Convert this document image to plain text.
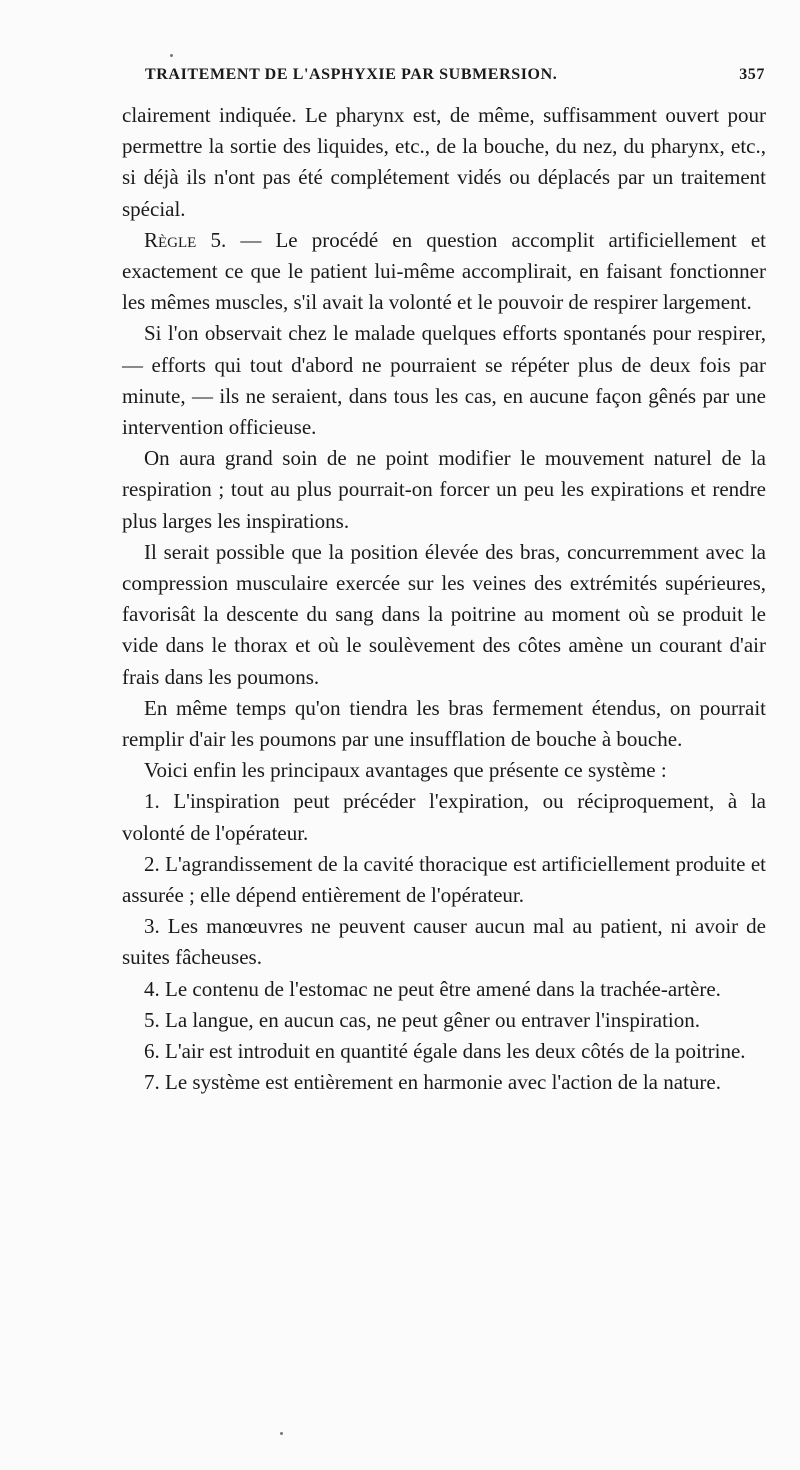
TRAITEMENT DE L'ASPHYXIE PAR SUBMERSION.	357

clairement indiquée. Le pharynx est, de même, suffisamment ouvert pour permettre la sortie des liquides, etc., de la bouche, du nez, du pharynx, etc., si déjà ils n'ont pas été complétement vidés ou déplacés par un traitement spécial.

Règle 5. — Le procédé en question accomplit artificiellement et exactement ce que le patient lui-même accomplirait, en faisant fonctionner les mêmes muscles, s'il avait la volonté et le pouvoir de respirer largement.

Si l'on observait chez le malade quelques efforts spontanés pour respirer, — efforts qui tout d'abord ne pourraient se répéter plus de deux fois par minute, — ils ne seraient, dans tous les cas, en aucune façon gênés par une intervention officieuse.

On aura grand soin de ne point modifier le mouvement naturel de la respiration ; tout au plus pourrait-on forcer un peu les expirations et rendre plus larges les inspirations.

Il serait possible que la position élevée des bras, concurremment avec la compression musculaire exercée sur les veines des extrémités supérieures, favorisât la descente du sang dans la poitrine au moment où se produit le vide dans le thorax et où le soulèvement des côtes amène un courant d'air frais dans les poumons.

En même temps qu'on tiendra les bras fermement étendus, on pourrait remplir d'air les poumons par une insufflation de bouche à bouche.

Voici enfin les principaux avantages que présente ce système :

1. L'inspiration peut précéder l'expiration, ou réciproquement, à la volonté de l'opérateur.

2. L'agrandissement de la cavité thoracique est artificiellement produite et assurée ; elle dépend entièrement de l'opérateur.

3. Les manœuvres ne peuvent causer aucun mal au patient, ni avoir de suites fâcheuses.

4. Le contenu de l'estomac ne peut être amené dans la trachée-artère.

5. La langue, en aucun cas, ne peut gêner ou entraver l'inspiration.

6. L'air est introduit en quantité égale dans les deux côtés de la poitrine.

7. Le système est entièrement en harmonie avec l'action de la nature.
